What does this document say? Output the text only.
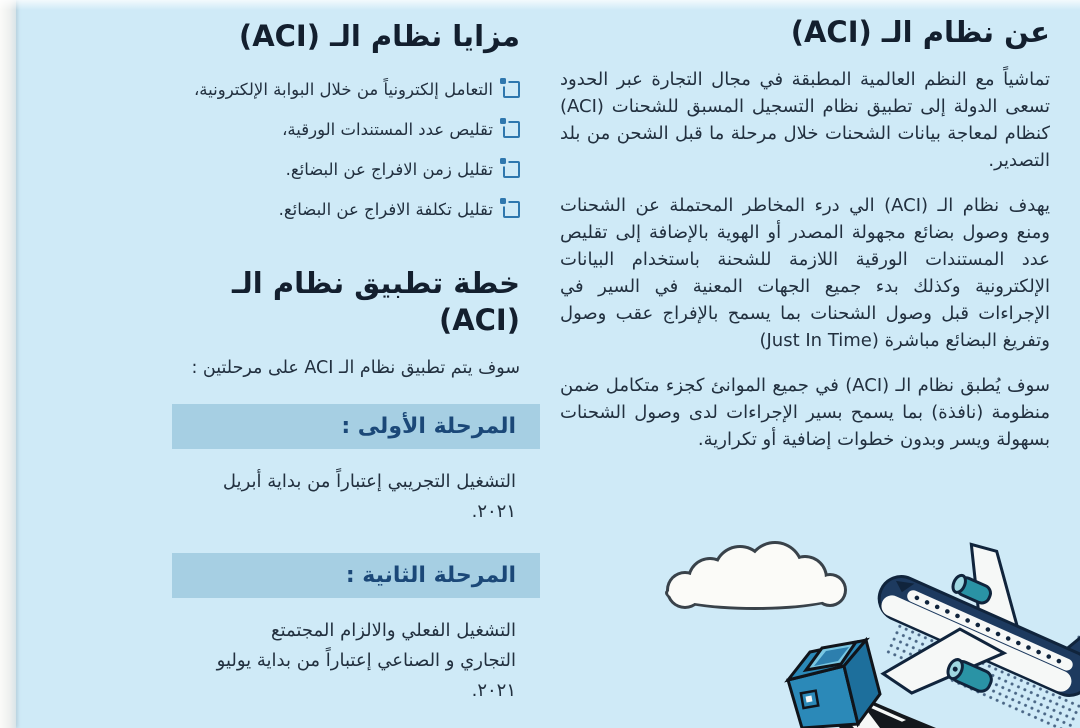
عن نظام الـ (ACI)

تماشياً مع النظم العالمية المطبقة في مجال التجارة عبر الحدود تسعى الدولة إلى تطبيق نظام التسجيل المسبق للشحنات (ACI) كنظام لمعاجة بيانات الشحنات خلال مرحلة ما قبل الشحن من بلد التصدير.

يهدف نظام الـ (ACI) الي درء المخاطر المحتملة عن الشحنات ومنع وصول بضائع مجهولة المصدر أو الهوية بالإضافة إلى تقليص عدد المستندات الورقية اللازمة للشحنة باستخدام البيانات الإلكترونية وكذلك بدء جميع الجهات المعنية في السير في الإجراءات قبل وصول الشحنات بما يسمح بالإفراج عقب وصول وتفريغ البضائع مباشرة (Just In Time)

سوف يُطبق نظام الـ (ACI) في جميع الموانئ كجزء متكامل ضمن منظومة (نافذة) بما يسمح بسير الإجراءات لدى وصول الشحنات بسهولة ويسر وبدون خطوات إضافية أو تكرارية.

مزايا نظام الـ (ACI)
التعامل إلكترونياً من خلال البوابة الإلكترونية،
تقليص عدد المستندات الورقية،
تقليل زمن الافراج عن البضائع.
تقليل تكلفة الافراج عن البضائع.
خطة تطبيق نظام الـ (ACI)
سوف يتم تطبيق نظام الـ ACI على مرحلتين :
المرحلة الأولى :
التشغيل التجريبي إعتباراً من بداية أبريل ٢٠٢١.
المرحلة الثانية :
التشغيل الفعلي والالزام المجتمتع التجاري و الصناعي إعتباراً من بداية يوليو ٢٠٢١.
